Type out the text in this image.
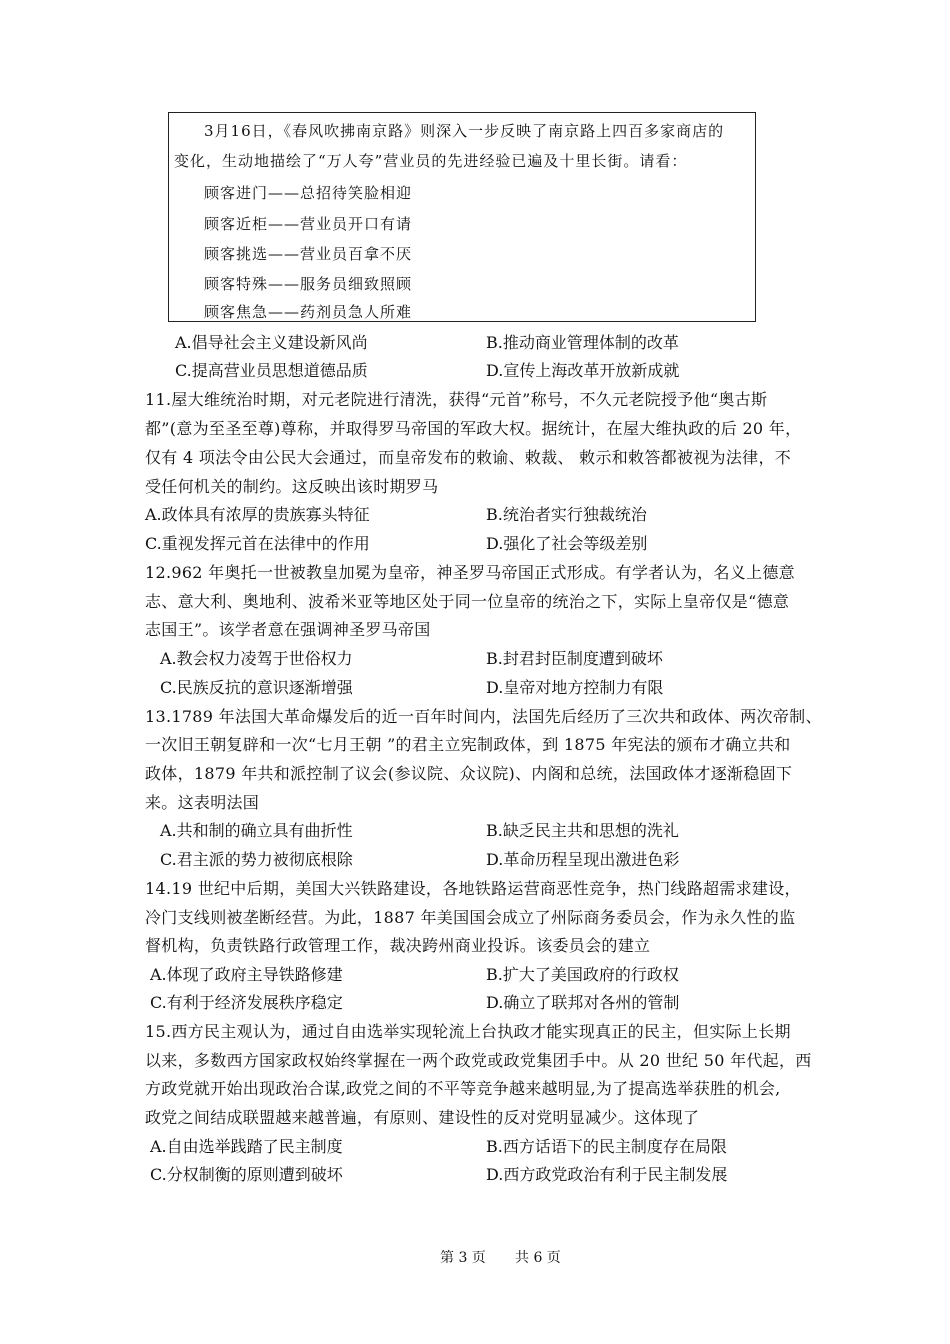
3月16日，《春风吹拂南京路》则深入一步反映了南京路上四百多家商店的
变化，生动地描绘了“万人夸”营业员的先进经验已遍及十里长街。请看：
顾客进门——总招待笑脸相迎
顾客近柜——营业员开口有请
顾客挑选——营业员百拿不厌
顾客特殊——服务员细致照顾
顾客焦急——药剂员急人所难
A.倡导社会主义建设新风尚	B.推动商业管理体制的改革
C.提高营业员思想道德品质	D.宣传上海改革开放新成就
11.屋大维统治时期，对元老院进行清洗，获得“元首”称号，不久元老院授予他“奥古斯
都”(意为至圣至尊)尊称，并取得罗马帝国的军政大权。据统计，在屋大维执政的后 20 年，
仅有 4 项法令由公民大会通过，而皇帝发布的敕谕、敕裁、 敕示和敕答都被视为法律，不
受任何机关的制约。这反映出该时期罗马
A.政体具有浓厚的贵族寡头特征	B.统治者实行独裁统治
C.重视发挥元首在法律中的作用	D.强化了社会等级差别
12.962 年奥托一世被教皇加冕为皇帝，神圣罗马帝国正式形成。有学者认为，名义上德意
志、意大利、奥地利、波希米亚等地区处于同一位皇帝的统治之下，实际上皇帝仅是“德意
志国王”。该学者意在强调神圣罗马帝国
A.教会权力凌驾于世俗权力	B.封君封臣制度遭到破坏
C.民族反抗的意识逐渐增强	D.皇帝对地方控制力有限
13.1789 年法国大革命爆发后的近一百年时间内，法国先后经历了三次共和政体、两次帝制、
一次旧王朝复辟和一次“七月王朝 ”的君主立宪制政体，到 1875 年宪法的颁布才确立共和
政体，1879 年共和派控制了议会(参议院、众议院)、内阁和总统，法国政体才逐渐稳固下
来。这表明法国
A.共和制的确立具有曲折性	B.缺乏民主共和思想的洗礼
C.君主派的势力被彻底根除	D.革命历程呈现出激进色彩
14.19 世纪中后期，美国大兴铁路建设，各地铁路运营商恶性竞争，热门线路超需求建设，
冷门支线则被垄断经营。为此，1887 年美国国会成立了州际商务委员会，作为永久性的监
督机构，负责铁路行政管理工作，裁决跨州商业投诉。该委员会的建立
A.体现了政府主导铁路修建	B.扩大了美国政府的行政权
C.有利于经济发展秩序稳定	D.确立了联邦对各州的管制
15.西方民主观认为，通过自由选举实现轮流上台执政才能实现真正的民主，但实际上长期
以来，多数西方国家政权始终掌握在一两个政党或政党集团手中。从 20 世纪 50 年代起，西
方政党就开始出现政治合谋,政党之间的不平等竞争越来越明显,为了提高选举获胜的机会,
政党之间结成联盟越来越普遍，有原则、建设性的反对党明显减少。这体现了
A.自由选举践踏了民主制度	B.西方话语下的民主制度存在局限
C.分权制衡的原则遭到破坏	D.西方政党政治有利于民主制发展
第 3 页 共 6 页
